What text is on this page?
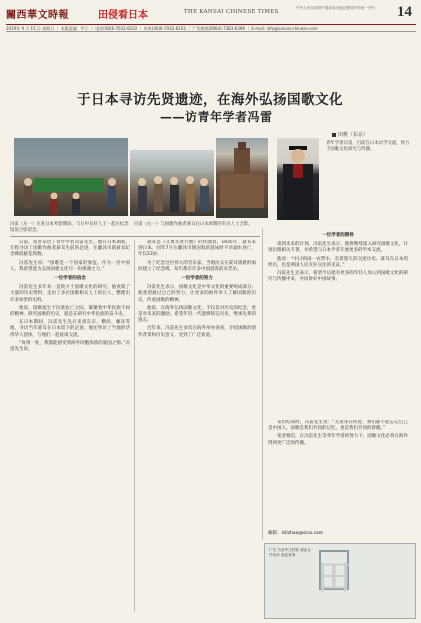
關西華文時報	田侵看日本	THE KANSAI CHINESE TIMES
中华人民共和国中国新闻出版总署国内外统一刊号	14
2019年 9 月 15 日 星期日 ｜ 本版责编：甲子 ｜ 电话(06)6-7032-8102 ｜ 传真(06)6-7032-8103 ｜ 广告热线(0664)-7383-6398 ｜ E-mail: info@kansai-chinese.com
于日本寻访先贤遗迹，在海外弘扬国歌文化
——访青年学者冯雷
田桃（东京）
青年学者冯雷，目前在日本访学交流，致力于国歌文化研究与传播。
冯雷（左一）在赴日本考察期间，与日中友好人士一起在纪念馆前合影留念。
冯雷（右一）与国歌作曲者聂耳在日本时期的有关人士合影。

日前，笔者采访了青年学者冯雷先生。他在日本期间，专程寻访了国歌作曲者聂耳生前的足迹，在藤泽市的聂耳纪念碑前献花致敬。

冯雷先生说：“国歌是一个国家的象征。作为一名中国人，我希望能为弘扬国歌文化尽一份绵薄之力。”

一位学者的信念

冯雷先生多年来一直致力于国歌文化的研究。他查阅了大量的历史资料，走访了多位国歌相关人士的后人，整理出许多珍贵的史料。

他说，国歌诞生于民族危亡之际，凝聚着中华民族不屈的精神。研究国歌的历史，就是在研究中华民族的奋斗史。

在日本期间，冯雷先生先后来到东京、横滨、藤泽等地，寻访当年聂耳在日本留下的足迹。他还拜访了当地的华侨华人团体，与他们一起座谈交流。

“每到一处，我都能感受到海外同胞浓浓的爱国之情。”冯雷先生说。

聂耳是《义勇军进行曲》的作曲者。1935年，聂耳来到日本，同年7月在藤泽市鹄沼海滨游泳时不幸溺水身亡，年仅23岁。

为了纪念这位伟大的音乐家，当地民众在聂耳遇难的海滨建立了纪念碑。每年都有许多中国游客前来凭吊。

一位学者的努力

冯雷先生表示，国歌文化是中华文化的重要组成部分。他希望通过自己的努力，让更多的海外华人了解国歌的历史，传承国歌的精神。

他说，在海外弘扬国歌文化，不仅是对历史的纪念，更是对未来的激励。希望年轻一代能够铭记历史，继承先辈的遗志。

近年来，冯雷先生多次在海外举办讲座，介绍国歌的创作背景和历史意义，受到了广泛欢迎。

一位学者的期待

谈到未来的计划，冯雷先生表示，他将继续深入研究国歌文化，计划出版相关专著，并希望与日本学者开展更多的学术交流。

他说：“中日两国一衣带水，有着悠久的交流历史。聂耳在日本的经历，也是两国人民友好交往的见证。”

冯雷先生还表示，希望今后能有更多的年轻人加入到国歌文化的研究与传播中来，共同讲好中国故事。

采访结束时，冯雷先生说：“无论身在何处，我们都不能忘记自己是中国人。国歌是我们共同的记忆，也是我们共同的骄傲。”

笔者相信，在冯雷先生等青年学者的努力下，国歌文化必将在海外得到更广泛的传播。

邮箱：lsllzhao@sina.com
广告 关西华文时报 诚征合作伙伴 欢迎垂询
田
